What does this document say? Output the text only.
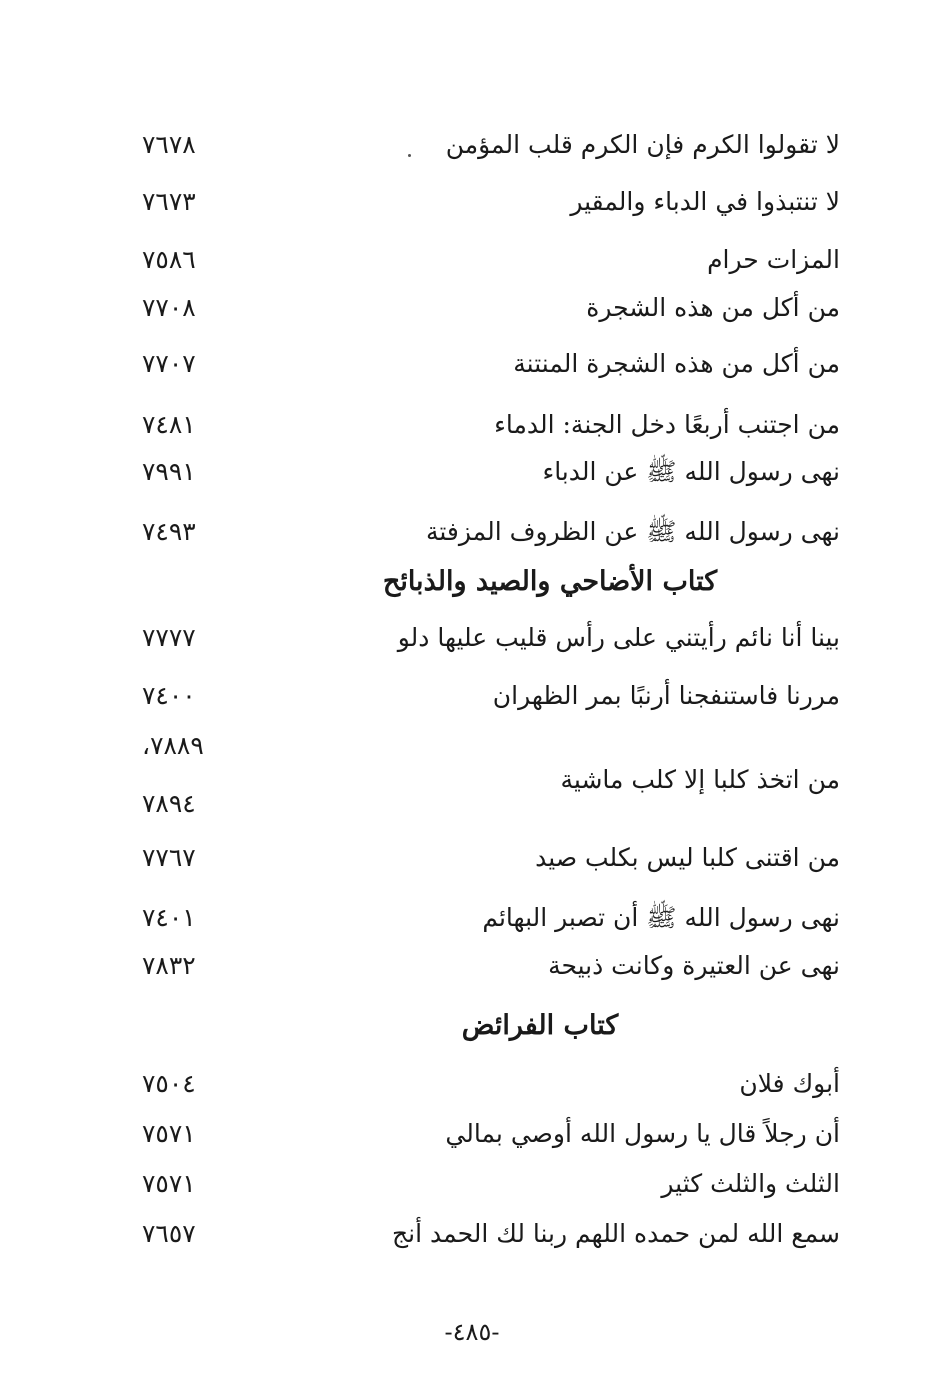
لا تقولوا الكرم فإن الكرم قلب المؤمن
٧٦٧٨
لا تنتبذوا في الدباء والمقير
٧٦٧٣
المزات حرام
٧٥٨٦
من أكل من هذه الشجرة
٧٧٠٨
من أكل من هذه الشجرة المنتنة
٧٧٠٧
من اجتنب أربعًا دخل الجنة: الدماء
٧٤٨١
نهى رسول الله ﷺ عن الدباء
٧٩٩١
نهى رسول الله ﷺ عن الظروف المزفتة
٧٤٩٣
كتاب الأضاحي والصيد والذبائح
بينا أنا نائم رأيتني على رأس قليب عليها دلو
٧٧٧٧
مررنا فاستنفجنا أرنبًا بمر الظهران
٧٤٠٠
٧٨٨٩،
من اتخذ كلبا إلا كلب ماشية
٧٨٩٤
من اقتنى كلبا ليس بكلب صيد
٧٧٦٧
نهى رسول الله ﷺ أن تصبر البهائم
٧٤٠١
نهى عن العتيرة وكانت ذبيحة
٧٨٣٢
كتاب الفرائض
أبوك فلان
٧٥٠٤
أن رجلاً قال يا رسول الله أوصي بمالي
٧٥٧١
الثلث والثلث كثير
٧٥٧١
سمع الله لمن حمده اللهم ربنا لك الحمد أنج
٧٦٥٧
-٤٨٥-
